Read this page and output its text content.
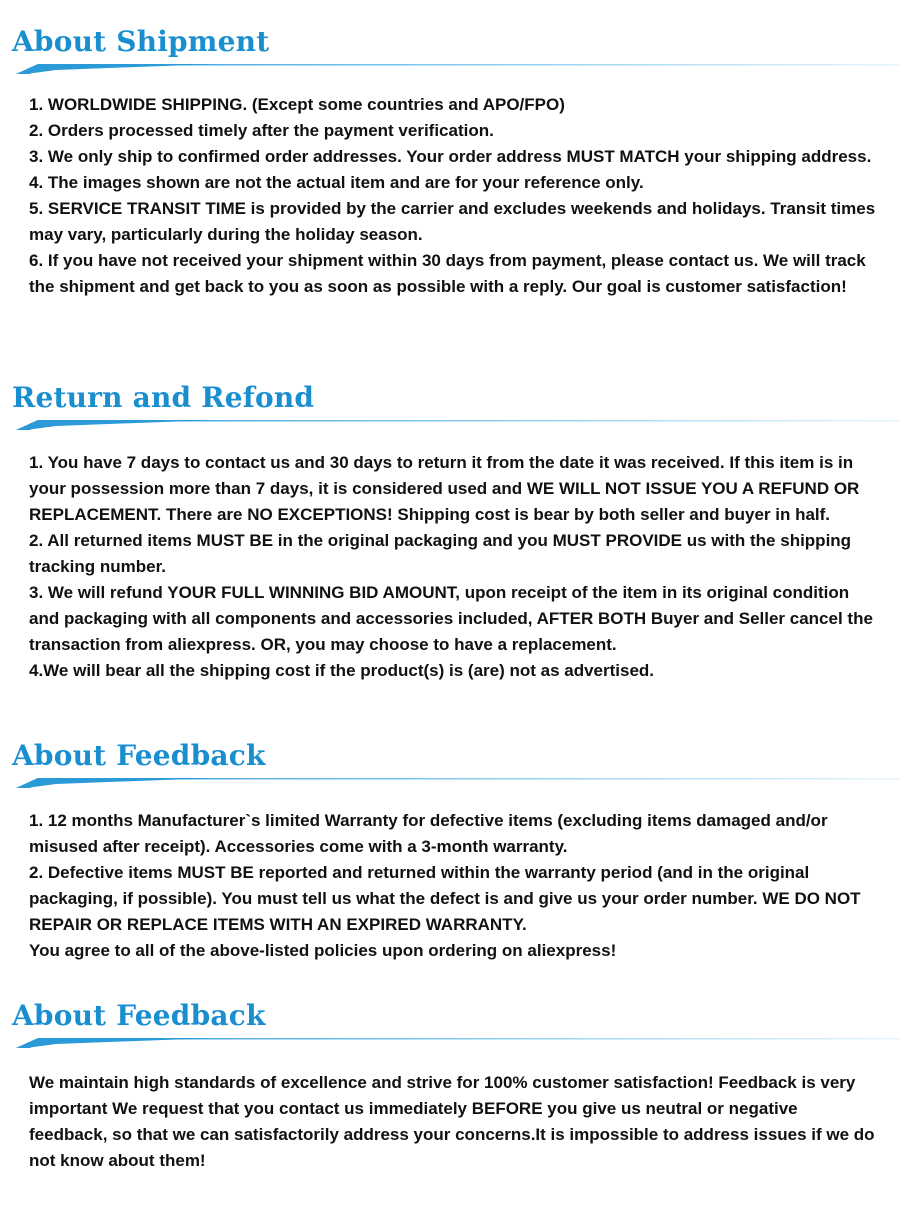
About Shipment

1. WORLDWIDE SHIPPING. (Except some countries and APO/FPO)

2. Orders processed timely after the payment verification.

3. We only ship to confirmed order addresses. Your order address MUST MATCH your shipping address.

4. The images shown are not the actual item and are for your reference only.

5. SERVICE TRANSIT TIME is provided by the carrier and excludes weekends and holidays. Transit times may vary, particularly during the holiday season.

6. If you have not received your shipment within 30 days from payment, please contact us. We will track the shipment and get back to you as soon as possible with a reply. Our goal is customer satisfaction!

Return and Refond

1. You have 7 days to contact us and 30 days to return it from the date it was received. If this item is in your possession more than 7 days, it is considered used and WE WILL NOT ISSUE YOU A REFUND OR REPLACEMENT. There are NO EXCEPTIONS! Shipping cost is bear by both seller and buyer in half.

2. All returned items MUST BE in the original packaging and you MUST PROVIDE us with the shipping tracking number.

3. We will refund YOUR FULL WINNING BID AMOUNT, upon receipt of the item in its original condition and packaging with all components and accessories included, AFTER BOTH Buyer and Seller cancel the transaction from aliexpress. OR, you may choose to have a replacement.

4.We will bear all the shipping cost if the product(s) is (are) not as advertised.

About Feedback

1. 12 months Manufacturer`s limited Warranty for defective items (excluding items damaged and/or misused after receipt). Accessories come with a 3-month warranty.

2. Defective items MUST BE reported and returned within the warranty period (and in the original packaging, if possible). You must tell us what the defect is and give us your order number. WE DO NOT REPAIR OR REPLACE ITEMS WITH AN EXPIRED WARRANTY.

You agree to all of the above-listed policies upon ordering on aliexpress!

About Feedback

We maintain high standards of excellence and strive for 100% customer satisfaction! Feedback is very important We request that you contact us immediately BEFORE you give us neutral or negative feedback, so that we can satisfactorily address your concerns.It is impossible to address issues if we do not know about them!
